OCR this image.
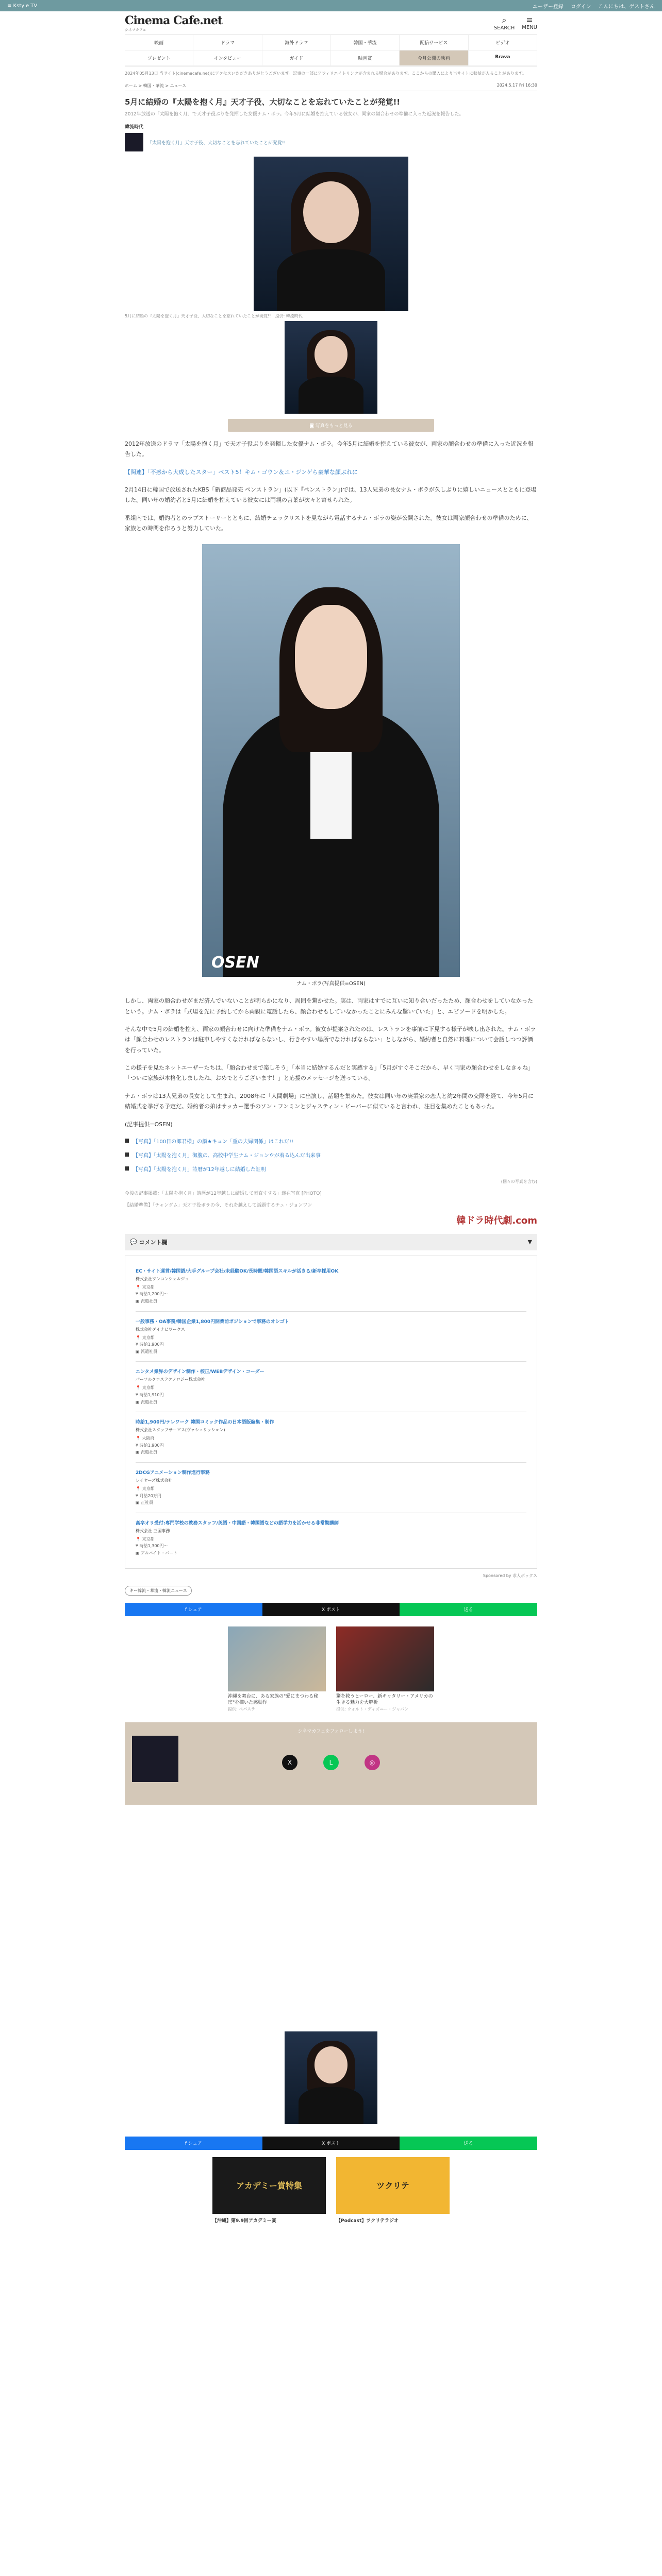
≡ Kstyle TV	ユーザー登録 ログイン こんにちは、ゲストさん
Cinema Cafe.net
シネマカフェ
⌕
SEARCH
≡
MENU
映画	ドラマ	海外ドラマ	韓国・華流	配信サービス	ビデオ
プレゼント	インタビュー	ガイド	映画賞	今月公開の映画	Brava
2024年05月13日 当サイト(cinemacafe.net)にアクセスいただきありがとうございます。記事の一部にアフィリエイトリンクが含まれる場合があります。ここからの購入により当サイトに収益が入ることがあります。
ホーム > 韓国・華流 > ニュース	2024.5.17 Fri 16:30
5月に結婚の『太陽を抱く月』天才子役、大切なことを忘れていたことが発覚!!
2012年放送の「太陽を抱く月」で天才子役ぶりを発揮した女優ナム・ボラ。今年5月に結婚を控えている彼女が、両家の顔合わせの準備に入った近況を報告した。
韓流時代
『太陽を抱く月』天才子役、大切なことを忘れていたことが発覚!!
5月に結婚の『太陽を抱く月』天才子役、大切なことを忘れていたことが発覚!!　提供: 韓流時代
◙ 写真をもっと見る

2012年放送のドラマ「太陽を抱く月」で天才子役ぶりを発揮した女優ナム・ボラ。今年5月に結婚を控えている彼女が、両家の顔合わせの準備に入った近況を報告した。

【関連】「不惑から大成したスター」ベスト5！キム・ゴウン＆ユ・ジンゲら豪華な顔ぶれに

2月14日に韓国で放送されたKBS「新商品発売 ペンストラン」(以下『ペンストラン』)では、13人兄弟の長女ナム・ボラが久しぶりに嬉しいニュースとともに登場した。同い年の婚約者と5月に結婚を控えている彼女には両親の言葉が次々と寄せられた。

番組内では、婚約者とのラブストーリーとともに、結婚チェックリストを見ながら電話するナム・ボラの姿が公開された。彼女は両家顔合わせの準備のために、家族との時間を作ろうと努力していた。

OSEN
ナム・ボラ(写真提供=OSEN)

しかし、両家の顔合わせがまだ済んでいないことが明らかになり、周囲を驚かせた。実は、両家はすでに互いに知り合いだったため、顔合わせをしていなかったという。ナム・ボラは「式場を先に予約してから両親に電話したら、顔合わせもしていなかったことにみんな驚いていた」と、エピソードを明かした。

そんな中で5月の結婚を控え、両家の顔合わせに向けた準備をナム・ボラ。彼女が提案されたのは、レストランを事前に下見する様子が映し出された。ナム・ボラは「顔合わせのレストランは駐車しやすくなければならないし、行きやすい場所でなければならない」としながら、婚約者と自然に料理について会話しつつ評価を行っていた。

この様子を見たネットユーザーたちは、「顔合わせまで楽しそう」「本当に結婚するんだと実感する」「5月がすぐそこだから、早く両家の顔合わせをしなきゃね」「ついに家族が本格化しましたね、おめでとうございます！」と応援のメッセージを送っている。

ナム・ボラは13人兄弟の長女として生まれ、2008年に「人間劇場」に出演し、話題を集めた。彼女は同い年の実業家の恋人と約2年間の交際を経て、今年5月に結婚式を挙げる予定だ。婚約者の弟はサッカー選手のソン・フンミンとジャスティン・ビーバーに似ていると言われ、注目を集めたこともあった。

(記事提供=OSEN)

【写真】「100日の郎君様」の顔★キュン「重の夫婦関係」はこれだ!!
【写真】「太陽を抱く月」御腹の、高校中学生ナム・ジョンウが着る込んだ出来事
【写真】「太陽を抱く月」詩暦が12年越しに結婚した証明
(個々の写真を含む)
今後の記事掲載：「太陽を抱く月」詩暦が12年越しに結婚して素直すする」遂在写真 [PHOTO]
【結婚準備】「チャングム」天才子役ボラの今、それを越えして話題するチュ・ジョンワン
韓ドラ時代劇.com
💬 コメント欄	▼
EC・サイト運営/韓国語/大手グループ会社/未経験OK/長時間/韓国語スキルが活きる/新卒採用OK
株式会社ワンコンシェルジュ
📍 東京都
¥ 時給1,200円〜
▣ 派遣社員
一般事務・OA事務/韓国企業1,800円開業前ポジションで事務のオシゴト
株式会社ダイナビワークス
📍 東京都
¥ 時給1,900円
▣ 派遣社員
エンタメ業界のデザイン制作・校正/WEBデザイン・コーダー
パーソルクロステクノロジー株式会社
📍 東京都
¥ 時給1,910円
▣ 派遣社員
時給1,900円/テレワーク 韓国コミック作品の日本語版編集・制作
株式会社スタッフサービス(ヴァシェリッション)
📍 大阪府
¥ 時給1,900円
▣ 派遣社員
2DCGアニメーション制作進行事務
レイヤーズ株式会社
📍 東京都
¥ 月給20万円
▣ 正社員
高卒オリ受付:専門学校の教務スタッフ/英語・中国語・韓国語などの語学力を活かせる非常勤講師
株式会社 三国事務
📍 東京都
¥ 時給1,300円〜
▣ アルバイト・パート
Sponsored by 求人ボックス
キー韓流・華流・韓流ニュース
f シェア	X ポスト	送る
沖縄を舞台に、ある家族の"愛にまつわる秘密"を描いた感動作
提供: ペパステ
驚を救うヒーロー、新キャタリー・アメリカの生きる魅力を大解析
提供: ウォルト・ディズニー・ジャパン
シネマカフェをフォローしよう!
X	L	◎
f シェア	X ポスト	送る
アカデミー賞特集
【沖縄】第9.9回アカデミー賞
ツクリテ
【Podcast】ツクリテラジオ
